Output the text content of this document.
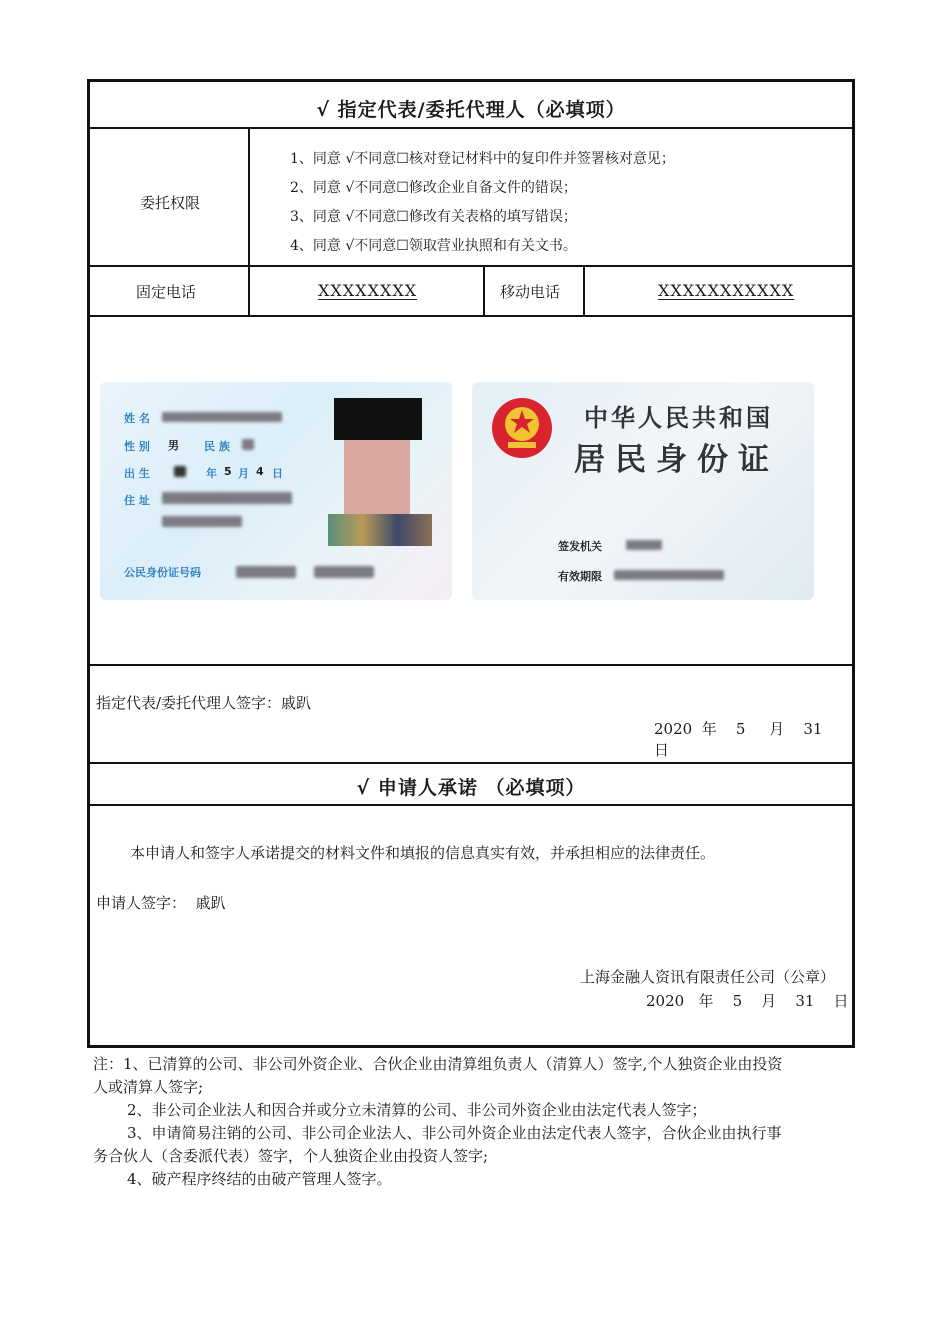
√ 指定代表/委托代理人（必填项）
委托权限
1、同意 √不同意☐核对登记材料中的复印件并签署核对意见；
2、同意 √不同意☐修改企业自备文件的错误；
3、同意 √不同意☐修改有关表格的填写错误；
4、同意 √不同意☐领取营业执照和有关文书。
固定电话	XXXXXXXX	移动电话	XXXXXXXXXXX
姓 名
性 别 男 民 族
出 生	年 5 月 4 日
住 址
公民身份证号码
中华人民共和国
居民身份证
签发机关
有效期限
指定代表/委托代理人签字：戚趴
2020 年 5 月 31    日
√ 申请人承诺 （必填项）
本申请人和签字人承诺提交的材料文件和填报的信息真实有效，并承担相应的法律责任。
申请人签字： 戚趴
上海金融人资讯有限责任公司（公章）
2020 年 5 月 31 日
注：1、已清算的公司、非公司外资企业、合伙企业由清算组负责人（清算人）签字,个人独资企业由投资
人或清算人签字;
2、非公司企业法人和因合并或分立未清算的公司、非公司外资企业由法定代表人签字；
3、申请简易注销的公司、非公司企业法人、非公司外资企业由法定代表人签字，合伙企业由执行事
务合伙人（含委派代表）签字，个人独资企业由投资人签字;
4、破产程序终结的由破产管理人签字。
